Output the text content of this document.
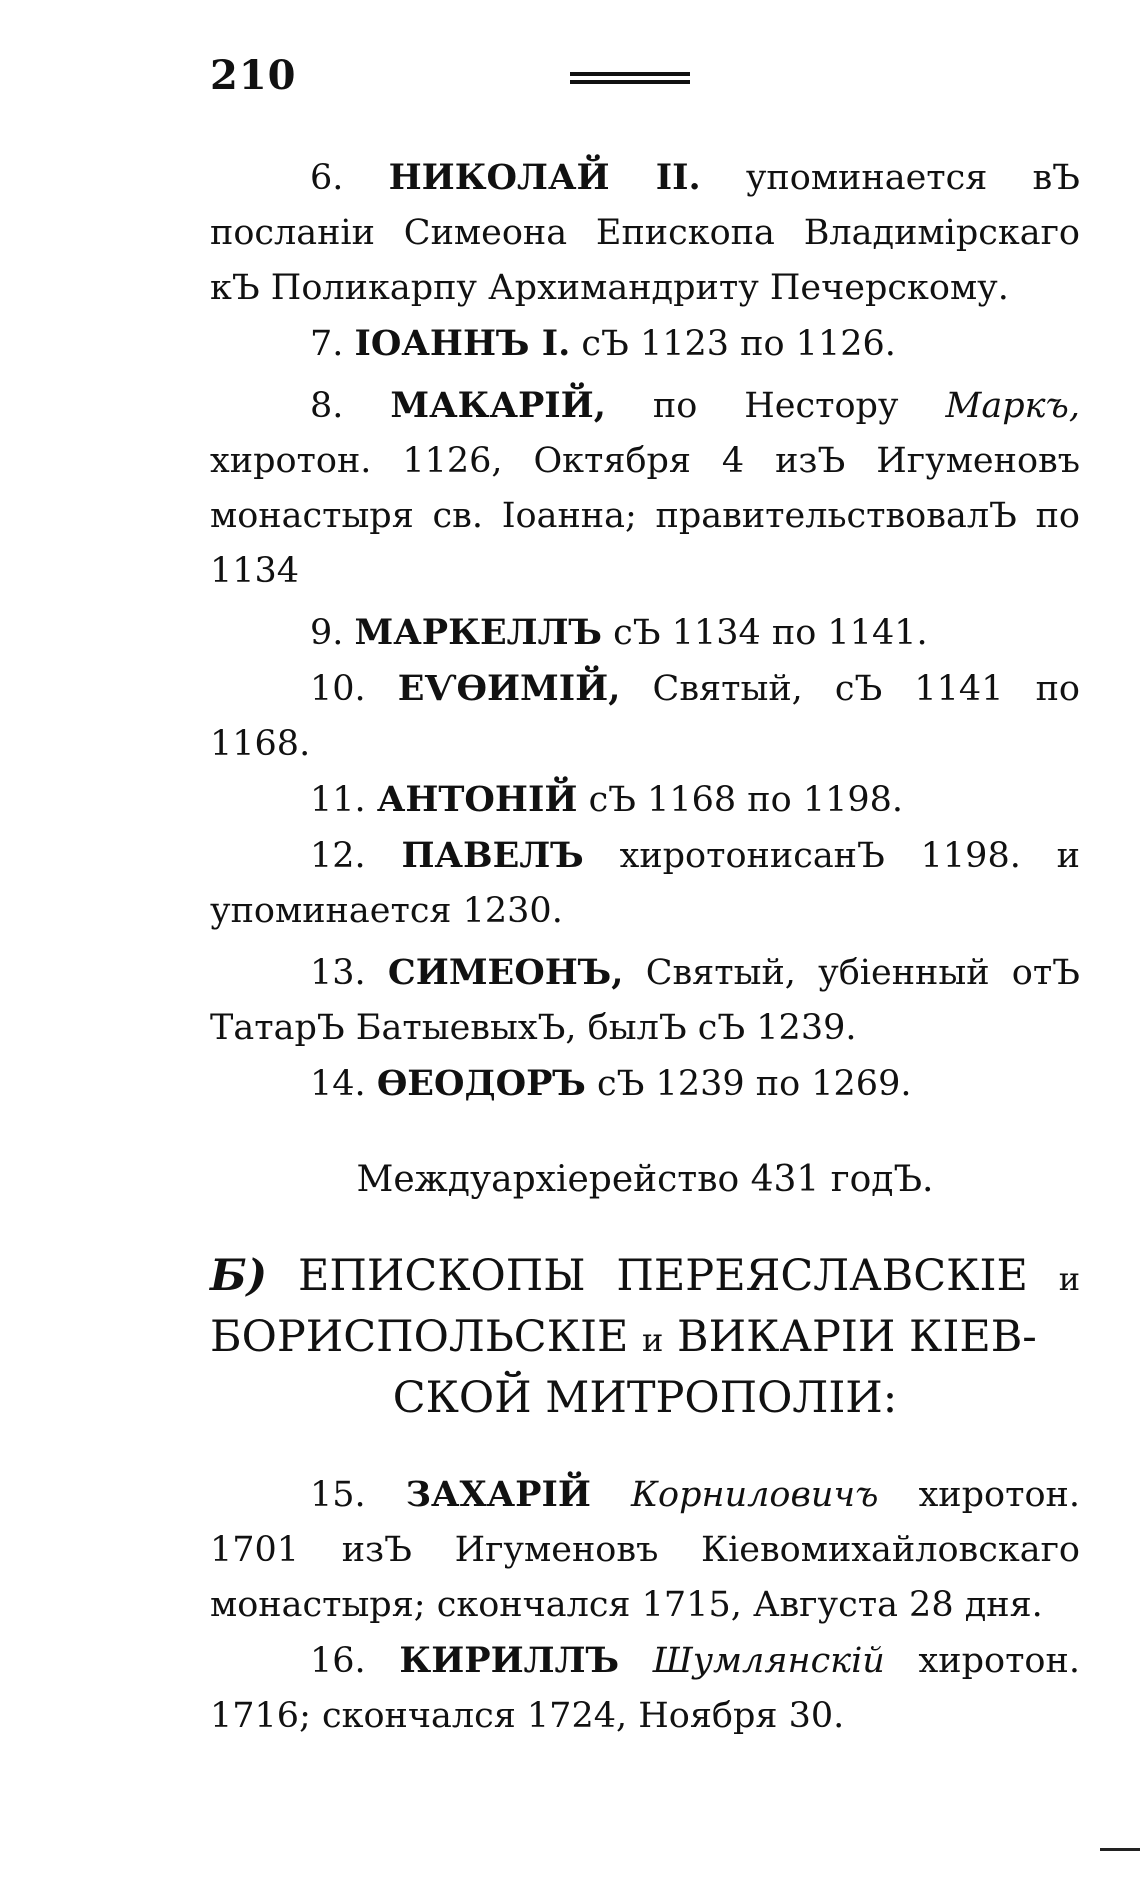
210

6. НИКОЛАЙ II. упоминается вЪ посланіи Симеона Епископа Владимірскаго кЪ Поликарпу Архимандриту Печерскому.

7. ІОАННЪ І. сЪ 1123 по 1126.

8. МАКАРІЙ, по Нестору Маркъ, хиротон. 1126, Октября 4 изЪ Игуменовъ монастыря св. Іоанна; правительствовалЪ по 1134

9. МАРКЕЛЛЪ сЪ 1134 по 1141.

10. ЕѴѲИМІЙ, Святый, сЪ 1141 по 1168.

11. АНТОНІЙ сЪ 1168 по 1198.

12. ПАВЕЛЪ хиротонисанЪ 1198. и упоминается 1230.

13. СИМЕОНЪ, Святый, убіенный отЪ ТатарЪ БатыевыхЪ, былЪ сЪ 1239.

14. ѲЕОДОРЪ сЪ 1239 по 1269.

Междуархіерейство 431 годЪ.

Б) ЕПИСКОПЫ ПЕРЕЯСЛАВСКІЕ и БОРИСПОЛЬСКІЕ и ВИКАРІИ КІЕВ-
СКОЙ МИТРОПОЛІИ:

15. ЗАХАРІЙ Корниловичъ хиротон. 1701 изЪ Игуменовъ Кіевомихайловскаго монастыря; скончался 1715, Августа 28 дня.

16. КИРИЛЛЪ Шумлянскій хиротон. 1716; скончался 1724, Ноября 30.
